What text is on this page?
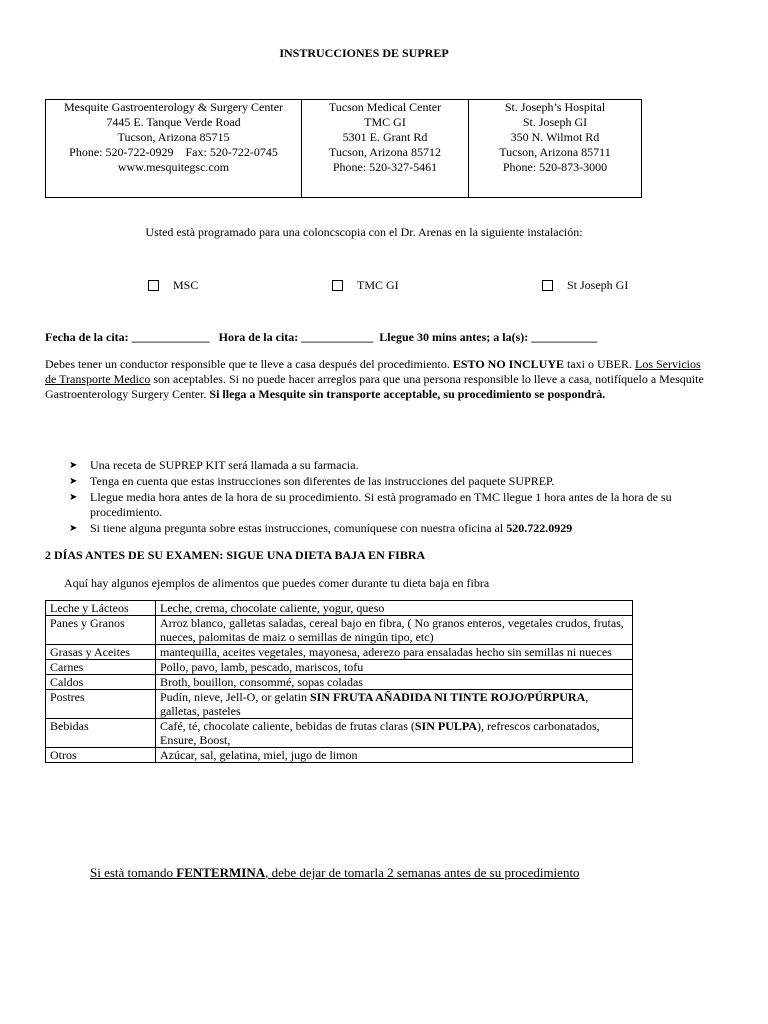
INSTRUCCIONES DE SUPREP
Mesquite Gastroenterology & Surgery Center
7445 E. Tanque Verde Road
Tucson, Arizona 85715
Phone: 520-722-0929    Fax: 520-722-0745
www.mesquitegsc.com

Tucson Medical Center
TMC GI
5301 E. Grant Rd
Tucson, Arizona 85712
Phone: 520-327-5461

St. Joseph’s Hospital
St. Joseph GI
350 N. Wilmot Rd
Tucson, Arizona 85711
Phone: 520-873-3000
Usted està programado para una coloncscopia con el Dr. Arenas en la siguiente instalación:
MSC	TMC GI	St Joseph GI
Fecha de la cita: _____________   Hora de la cita: ____________  Llegue 30 mins antes; a la(s): ___________
Debes tener un conductor responsible que te lleve a casa después del procedimiento. ESTO NO INCLUYE taxi o UBER. Los Servicios de Transporte Medico son aceptables. Si no puede hacer arreglos para que una persona responsible lo lleve a casa, notifíquelo a Mesquite Gastroenterology Surgery Center. Si llega a Mesquite sin transporte acceptable, su procedimiento se pospondrà.
➤ Una receta de SUPREP KIT será llamada a su farmacia.
➤ Tenga en cuenta que estas instrucciones son diferentes de las instrucciones del paquete SUPREP.
➤ Llegue media hora antes de la hora de su procedimiento. Si està programado en TMC llegue 1 hora antes de la hora de su procedimiento.
➤ Si tiene alguna pregunta sobre estas instrucciones, comuníquese con nuestra oficina al 520.722.0929
2 DÍAS ANTES DE SU EXAMEN: SIGUE UNA DIETA BAJA EN FIBRA
Aquí hay algunos ejemplos de alimentos que puedes comer durante tu dieta baja en fibra
Leche y Lácteos	Leche, crema, chocolate caliente, yogur, queso
Panes y Granos	Arroz blanco, galletas saladas, cereal bajo en fibra, ( No granos enteros, vegetales crudos, frutas, nueces, palomitas de maiz o semillas de ningún tipo, etc)
Grasas y Aceites	mantequilla, aceites vegetales, mayonesa, aderezo para ensaladas hecho sin semillas ni nueces
Carnes	Pollo, pavo, lamb, pescado, mariscos, tofu
Caldos	Broth, bouillon, consommé, sopas coladas
Postres	Pudín, nieve, Jell-O, or gelatin SIN FRUTA AÑADIDA NI TINTE ROJO/PÚRPURA, galletas, pasteles
Bebidas	Café, té, chocolate caliente, bebidas de frutas claras (SIN PULPA), refrescos carbonatados, Ensure, Boost,
Otros	Azúcar, sal, gelatina, miel, jugo de limon
Si està tomando FENTERMINA, debe dejar de tomarla 2 semanas antes de su procedimiento
